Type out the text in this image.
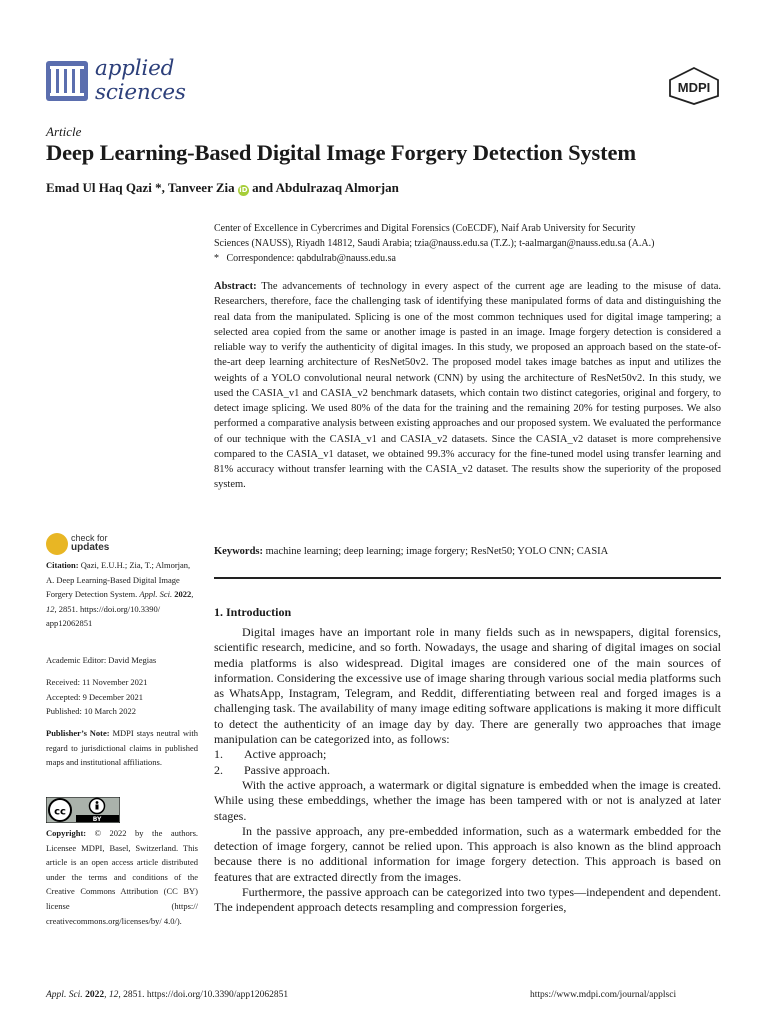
applied
sciences	MDPI
Article
Deep Learning-Based Digital Image Forgery Detection System
Emad Ul Haq Qazi *, Tanveer Zia iD and Abdulrazaq Almorjan
Center of Excellence in Cybercrimes and Digital Forensics (CoECDF), Naif Arab University for Security
Sciences (NAUSS), Riyadh 14812, Saudi Arabia; tzia@nauss.edu.sa (T.Z.); t-aalmargan@nauss.edu.sa (A.A.)
* Correspondence: qabdulrab@nauss.edu.sa
Abstract: The advancements of technology in every aspect of the current age are leading to the misuse of data. Researchers, therefore, face the challenging task of identifying these manipulated forms of data and distinguishing the real data from the manipulated. Splicing is one of the most common techniques used for digital image tampering; a selected area copied from the same or another image is pasted in an image. Image forgery detection is considered a reliable way to verify the authenticity of digital images. In this study, we proposed an approach based on the state-of-the-art deep learning architecture of ResNet50v2. The proposed model takes image batches as input and utilizes the weights of a YOLO convolutional neural network (CNN) by using the architecture of ResNet50v2. In this study, we used the CASIA_v1 and CASIA_v2 benchmark datasets, which contain two distinct categories, original and forgery, to detect image splicing. We used 80% of the data for the training and the remaining 20% for testing purposes. We also performed a comparative analysis between existing approaches and our proposed system. We evaluated the performance of our technique with the CASIA_v1 and CASIA_v2 datasets. Since the CASIA_v2 dataset is more comprehensive compared to the CASIA_v1 dataset, we obtained 99.3% accuracy for the fine-tuned model using transfer learning and 81% accuracy without transfer learning with the CASIA_v2 dataset. The results show the superiority of the proposed system.
Keywords: machine learning; deep learning; image forgery; ResNet50; YOLO CNN; CASIA
check for
updates
Citation: Qazi, E.U.H.; Zia, T.; Almorjan, A. Deep Learning-Based Digital Image Forgery Detection System. Appl. Sci. 2022, 12, 2851. https://doi.org/10.3390/ app12062851
Academic Editor: David Megias
Received: 11 November 2021
Accepted: 9 December 2021
Published: 10 March 2022
Publisher’s Note: MDPI stays neutral with regard to jurisdictional claims in published maps and institutional affiliations.
cc
BY
Copyright: © 2022 by the authors. Licensee MDPI, Basel, Switzerland. This article is an open access article distributed under the terms and conditions of the Creative Commons Attribution (CC BY) license (https:// creativecommons.org/licenses/by/ 4.0/).
1. Introduction

Digital images have an important role in many fields such as in newspapers, digital forensics, scientific research, medicine, and so forth. Nowadays, the usage and sharing of digital images on social media platforms is also widespread. Digital images are considered one of the main sources of information. Considering the excessive use of image sharing through various social media platforms such as WhatsApp, Instagram, Telegram, and Reddit, differentiating between real and forged images is a challenging task. The availability of many image editing software applications is making it more difficult to detect the authenticity of an image day by day. There are generally two approaches that image manipulation can be categorized into, as follows:

1.	Active approach;
2.	Passive approach.

With the active approach, a watermark or digital signature is embedded when the image is created. While using these embeddings, whether the image has been tampered with or not is analyzed at later stages.

In the passive approach, any pre-embedded information, such as a watermark embedded for the detection of image forgery, cannot be relied upon. This approach is also known as the blind approach because there is no additional information for image forgery detection. This approach is based on features that are extracted directly from the images.

Furthermore, the passive approach can be categorized into two types—independent and dependent. The independent approach detects resampling and compression forgeries,

Appl. Sci. 2022, 12, 2851. https://doi.org/10.3390/app12062851	https://www.mdpi.com/journal/applsci
